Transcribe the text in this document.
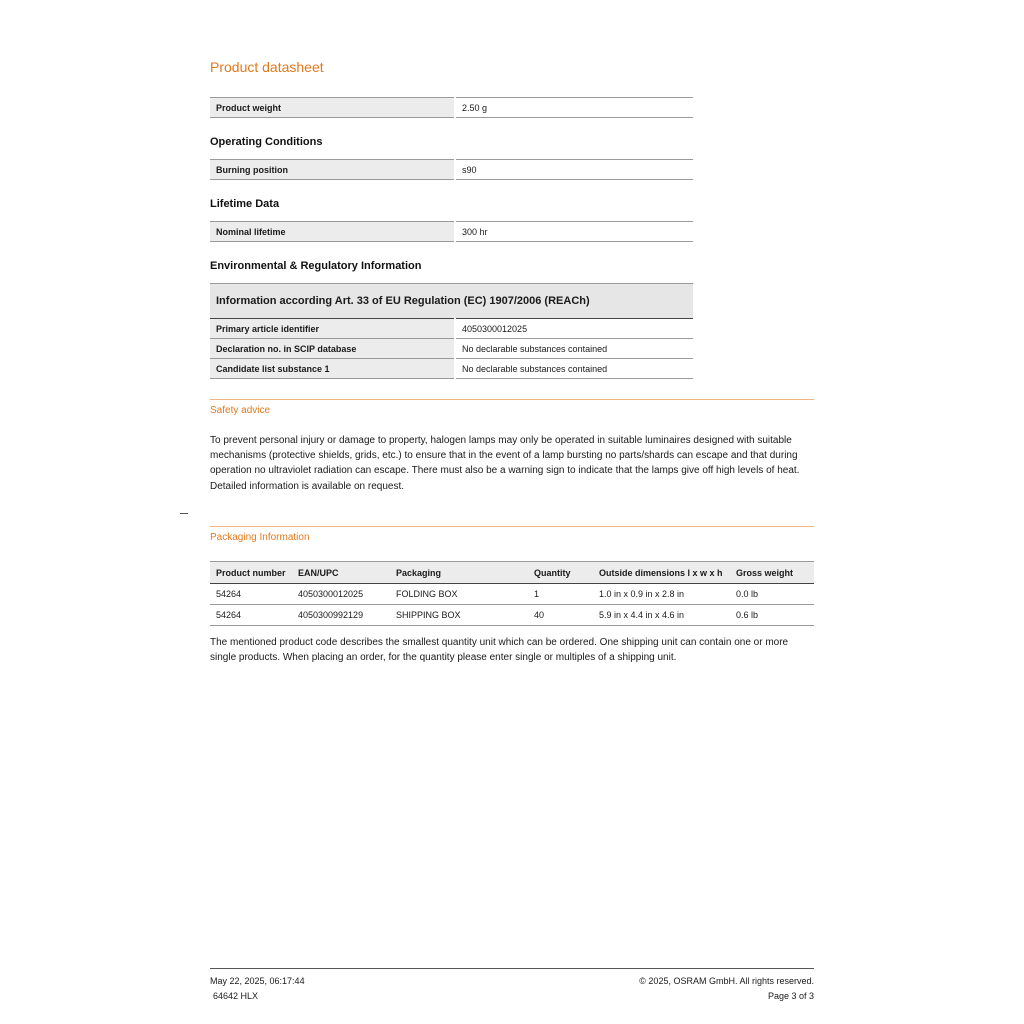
Product datasheet
Product weight	2.50 g
Operating Conditions
Burning position	s90
Lifetime Data
Nominal lifetime	300 hr
Environmental & Regulatory Information
Information according Art. 33 of EU Regulation (EC) 1907/2006 (REACh)	
Primary article identifier	4050300012025
Declaration no. in SCIP database	No declarable substances contained
Candidate list substance 1	No declarable substances contained
Safety advice

To prevent personal injury or damage to property, halogen lamps may only be operated in suitable luminaires designed with suitable mechanisms (protective shields, grids, etc.) to ensure that in the event of a lamp bursting no parts/shards can escape and that during operation no ultraviolet radiation can escape. There must also be a warning sign to indicate that the lamps give off high levels of heat. Detailed information is available on request.

Packaging Information
Product number	EAN/UPC	Packaging	Quantity	Outside dimensions l x w x h	Gross weight
54264	4050300012025	FOLDING BOX	1	1.0 in x 0.9 in x 2.8 in	0.0 lb
54264	4050300992129	SHIPPING BOX	40	5.9 in x 4.4 in x 4.6 in	0.6 lb

The mentioned product code describes the smallest quantity unit which can be ordered. One shipping unit can contain one or more single products. When placing an order, for the quantity please enter single or multiples of a shipping unit.

May 22, 2025, 06:17:44
64642 HLX
© 2025, OSRAM GmbH. All rights reserved.
Page 3 of 3
